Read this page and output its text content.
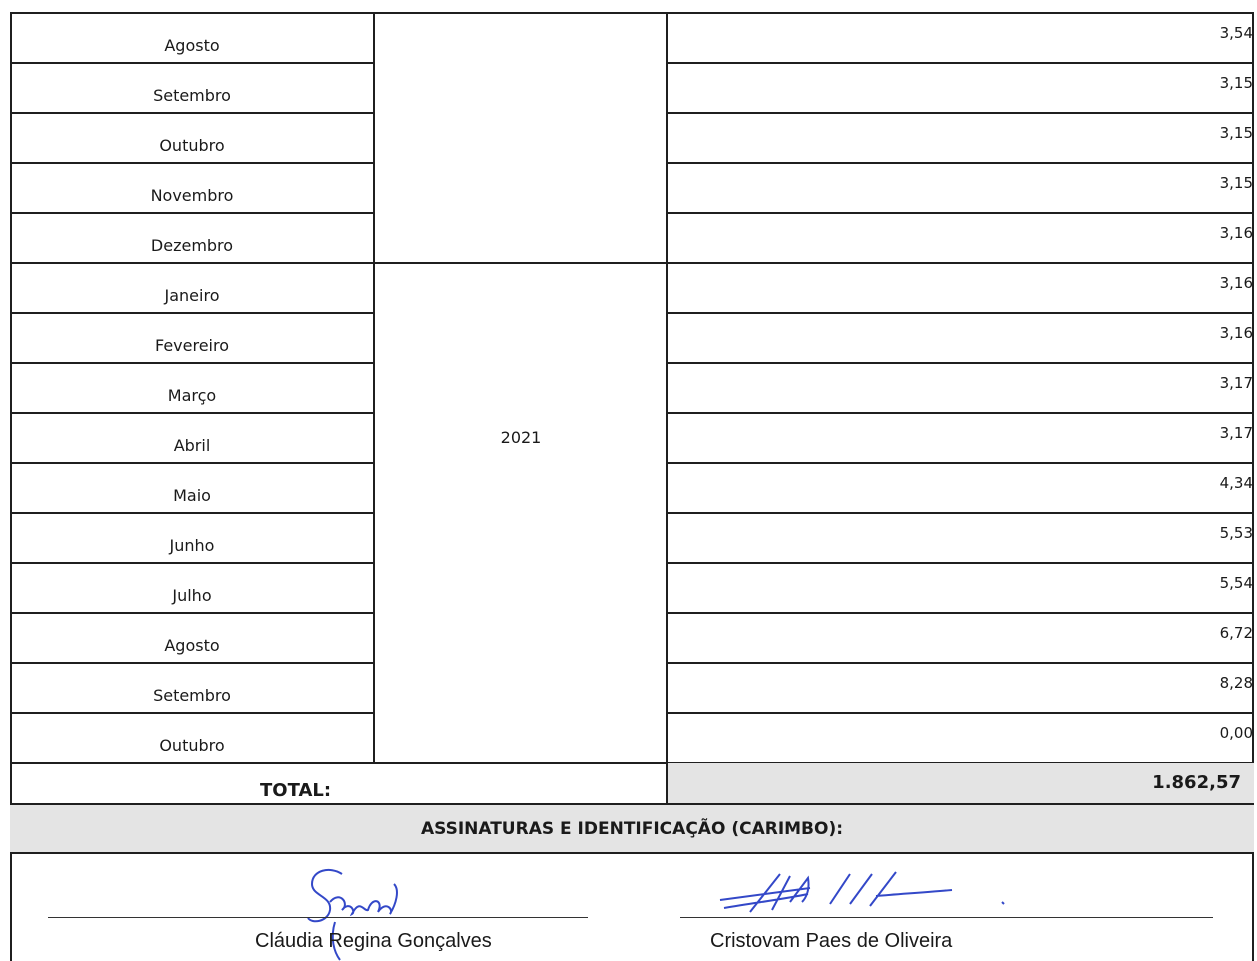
Agosto
3,54
Setembro
3,15
Outubro
3,15
Novembro
3,15
Dezembro
3,16
Janeiro
3,16
Fevereiro
3,16
Março
3,17
Abril
3,17
Maio
4,34
Junho
5,53
Julho
5,54
Agosto
6,72
Setembro
8,28
Outubro
0,00
2021
TOTAL:	1.862,57
ASSINATURAS E IDENTIFICAÇÃO (CARIMBO):
Cláudia Regina Gonçalves	Cristovam Paes de Oliveira
